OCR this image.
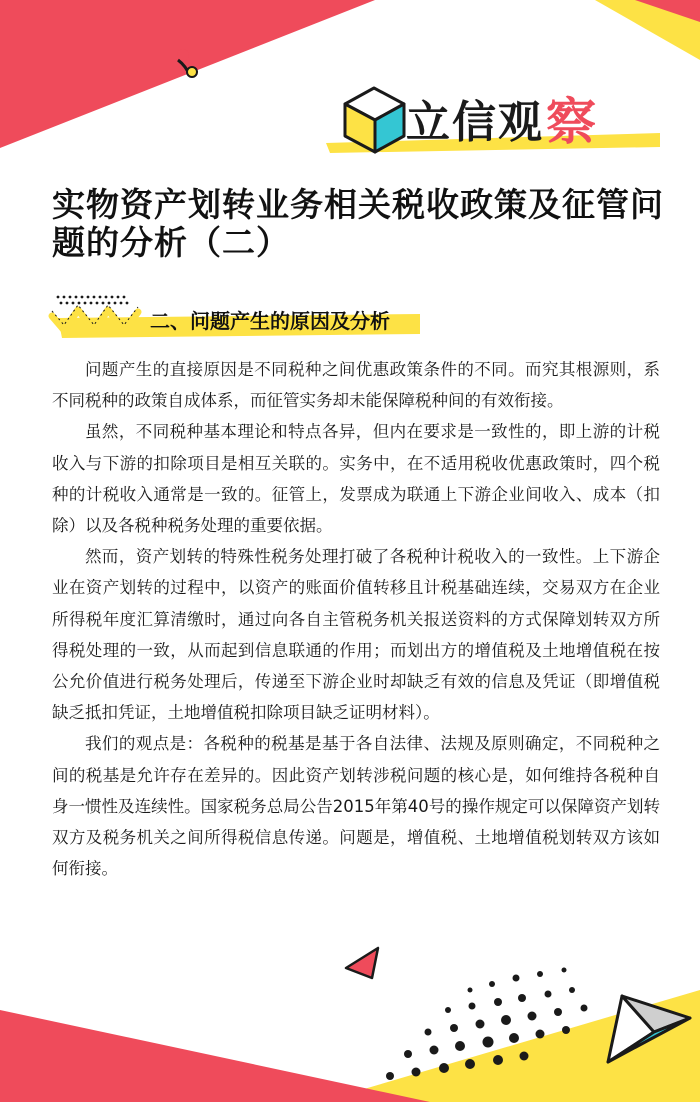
立信观 察
实物资产划转业务相关税收政策及征管问题的分析（二）
二、问题产生的原因及分析

问题产生的直接原因是不同税种之间优惠政策条件的不同。而究其根源则，系不同税种的政策自成体系，而征管实务却未能保障税种间的有效衔接。

虽然，不同税种基本理论和特点各异，但内在要求是一致性的，即上游的计税收入与下游的扣除项目是相互关联的。实务中，在不适用税收优惠政策时，四个税种的计税收入通常是一致的。征管上，发票成为联通上下游企业间收入、成本（扣除）以及各税种税务处理的重要依据。

然而，资产划转的特殊性税务处理打破了各税种计税收入的一致性。上下游企业在资产划转的过程中，以资产的账面价值转移且计税基础连续，交易双方在企业所得税年度汇算清缴时，通过向各自主管税务机关报送资料的方式保障划转双方所得税处理的一致，从而起到信息联通的作用；而划出方的增值税及土地增值税在按公允价值进行税务处理后，传递至下游企业时却缺乏有效的信息及凭证（即增值税缺乏抵扣凭证，土地增值税扣除项目缺乏证明材料）。

我们的观点是：各税种的税基是基于各自法律、法规及原则确定，不同税种之间的税基是允许存在差异的。因此资产划转涉税问题的核心是，如何维持各税种自身一惯性及连续性。国家税务总局公告2015年第40号的操作规定可以保障资产划转双方及税务机关之间所得税信息传递。问题是，增值税、土地增值税划转双方该如何衔接。
